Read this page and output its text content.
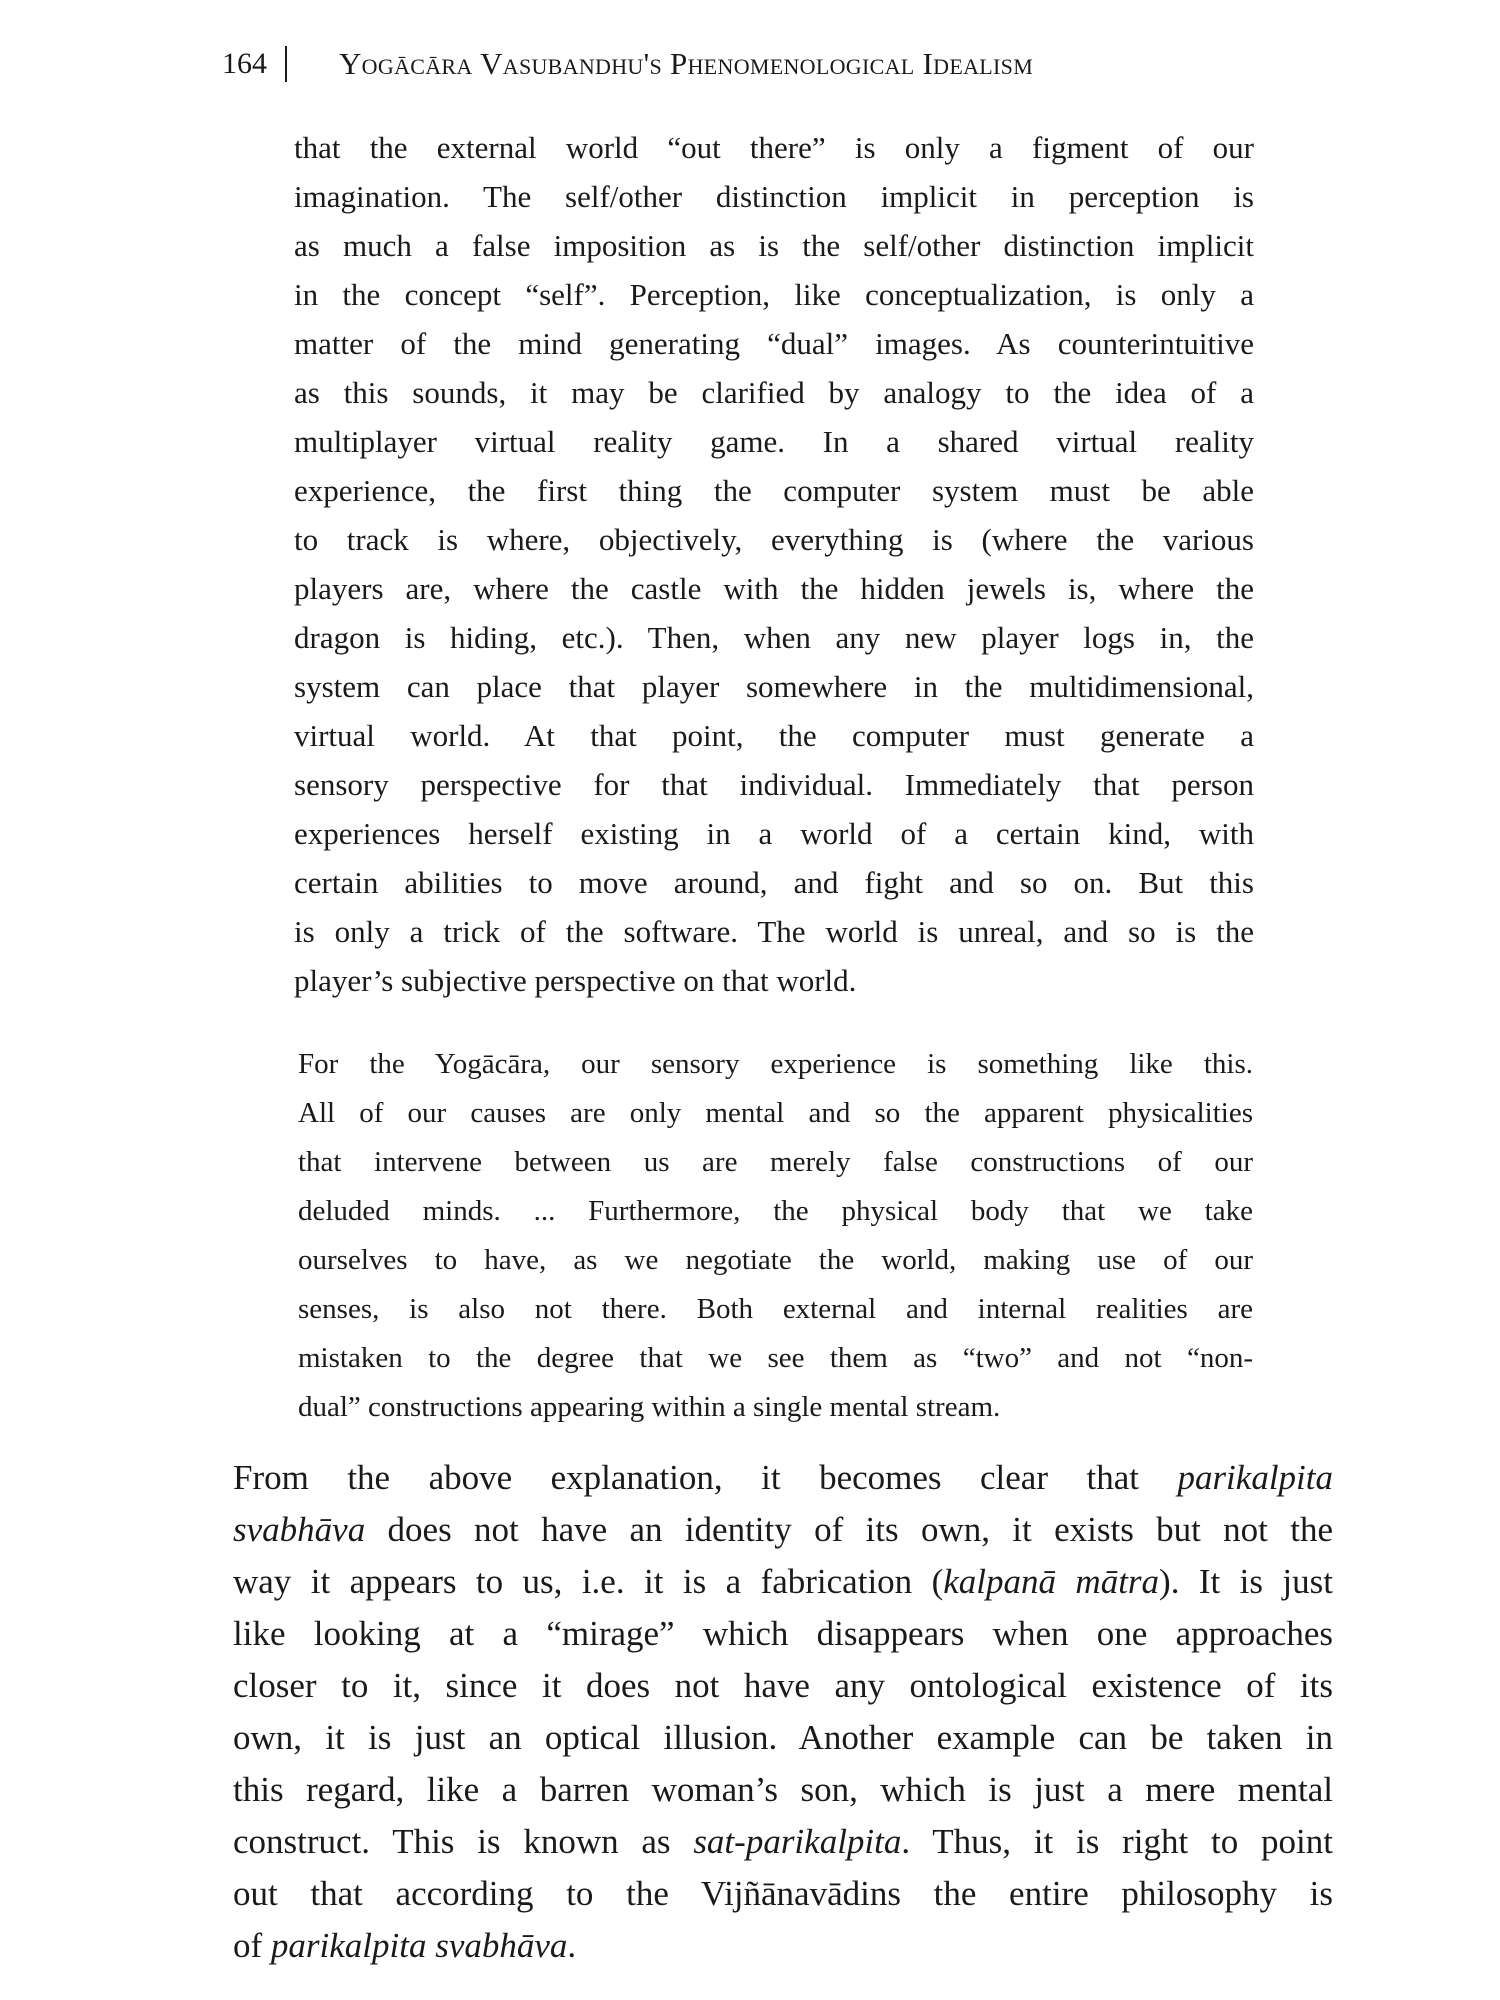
164 Yogācāra Vasubandhu's Phenomenological Idealism
that the external world “out there” is only a figment of our
imagination. The self/other distinction implicit in perception is
as much a false imposition as is the self/other distinction implicit
in the concept “self”. Perception, like conceptualization, is only a
matter of the mind generating “dual” images. As counterintuitive
as this sounds, it may be clarified by analogy to the idea of a
multiplayer virtual reality game. In a shared virtual reality
experience, the first thing the computer system must be able
to track is where, objectively, everything is (where the various
players are, where the castle with the hidden jewels is, where the
dragon is hiding, etc.). Then, when any new player logs in, the
system can place that player somewhere in the multidimensional,
virtual world. At that point, the computer must generate a
sensory perspective for that individual. Immediately that person
experiences herself existing in a world of a certain kind, with
certain abilities to move around, and fight and so on. But this
is only a trick of the software. The world is unreal, and so is the
player’s subjective perspective on that world.
For the Yogācāra, our sensory experience is something like this.
All of our causes are only mental and so the apparent physicalities
that intervene between us are merely false constructions of our
deluded minds. ... Furthermore, the physical body that we take
ourselves to have, as we negotiate the world, making use of our
senses, is also not there. Both external and internal realities are
mistaken to the degree that we see them as “two” and not “non-
dual” constructions appearing within a single mental stream.
From the above explanation, it becomes clear that parikalpita
svabhāva does not have an identity of its own, it exists but not the
way it appears to us, i.e. it is a fabrication (kalpanā mātra). It is just
like looking at a “mirage” which disappears when one approaches
closer to it, since it does not have any ontological existence of its
own, it is just an optical illusion. Another example can be taken in
this regard, like a barren woman’s son, which is just a mere mental
construct. This is known as sat-parikalpita. Thus, it is right to point
out that according to the Vijñānavādins the entire philosophy is
of parikalpita svabhāva.
